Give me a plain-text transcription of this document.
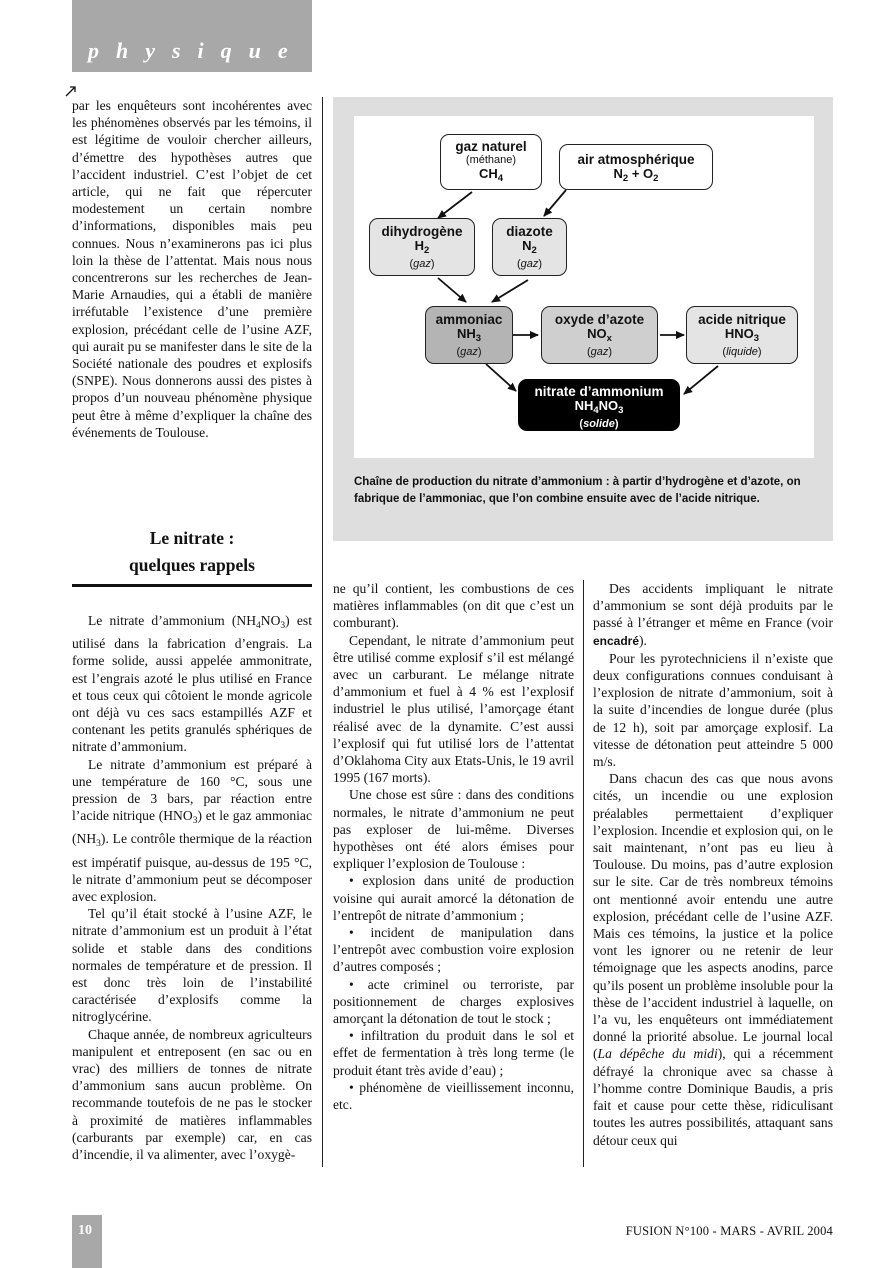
physique

par les enquêteurs sont incohérentes avec les phénomènes observés par les témoins, il est légitime de vouloir chercher ailleurs, d’émettre des hypothèses autres que l’accident industriel. C’est l’objet de cet article, qui ne fait que répercuter modestement un certain nombre d’informations, disponibles mais peu connues. Nous n’examinerons pas ici plus loin la thèse de l’attentat. Mais nous nous concentrerons sur les recherches de Jean-Marie Arnaudies, qui a établi de manière irréfutable l’existence d’une première explosion, précédant celle de l’usine AZF, qui aurait pu se manifester dans le site de la Société nationale des poudres et explosifs (SNPE). Nous donnerons aussi des pistes à propos d’un nouveau phénomène physique peut être à même d’expliquer la chaîne des événements de Toulouse.

Le nitrate :
quelques rappels

Le nitrate d’ammonium $(NH_4NO_3)$ est utilisé dans la fabrication d’engrais. La forme solide, aussi appelée ammonitrate, est l’engrais azoté le plus utilisé en France et tous ceux qui côtoient le monde agricole ont déjà vu ces sacs estampillés AZF et contenant les petits granulés sphériques de nitrate d’ammonium.

Le nitrate d’ammonium est préparé à une température de 160 °C, sous une pression de 3 bars, par réaction entre l’acide nitrique $(HNO_3)$ et le gaz ammoniac $(NH_3)$. Le contrôle thermique de la réaction est impératif puisque, au-dessus de 195 °C, le nitrate d’ammonium peut se décomposer avec explosion.

Tel qu’il était stocké à l’usine AZF, le nitrate d’ammonium est un produit à l’état solide et stable dans des conditions normales de température et de pression. Il est donc très loin de l’instabilité caractérisée d’explosifs comme la nitroglycérine.

Chaque année, de nombreux agriculteurs manipulent et entreposent (en sac ou en vrac) des milliers de tonnes de nitrate d’ammonium sans aucun problème. On recommande toutefois de ne pas le stocker à proximité de matières inflammables (carburants par exemple) car, en cas d’incendie, il va alimenter, avec l’oxygè-

gaz naturel
(méthane)
$CH_4$
air atmosphérique
$N_2 + O_2$
dihydrogène
$H_2$
(gaz)
diazote
$N_2$
(gaz)
ammoniac
$NH_3$
(gaz)
oxyde d’azote
$NO_x$
(gaz)
acide nitrique
$HNO_3$
(liquide)
nitrate d’ammonium
$NH_4NO_3$
(solide)
Chaîne de production du nitrate d’ammonium : à partir d’hydrogène et d’azote, on fabrique de l’ammoniac, que l’on combine ensuite avec de l’acide nitrique.

ne qu’il contient, les combustions de ces matières inflammables (on dit que c’est un comburant).

Cependant, le nitrate d’ammonium peut être utilisé comme explosif s’il est mélangé avec un carburant. Le mélange nitrate d’ammonium et fuel à 4 % est l’explosif industriel le plus utilisé, l’amorçage étant réalisé avec de la dynamite. C’est aussi l’explosif qui fut utilisé lors de l’attentat d’Oklahoma City aux Etats-Unis, le 19 avril 1995 (167 morts).

Une chose est sûre : dans des conditions normales, le nitrate d’ammonium ne peut pas exploser de lui-même. Diverses hypothèses ont été alors émises pour expliquer l’explosion de Toulouse :

• explosion dans unité de production voisine qui aurait amorcé la détonation de l’entrepôt de nitrate d’ammonium ;

• incident de manipulation dans l’entrepôt avec combustion voire explosion d’autres composés ;

• acte criminel ou terroriste, par positionnement de charges explosives amorçant la détonation de tout le stock ;

• infiltration du produit dans le sol et effet de fermentation à très long terme (le produit étant très avide d’eau) ;

• phénomène de vieillissement inconnu, etc.

Des accidents impliquant le nitrate d’ammonium se sont déjà produits par le passé à l’étranger et même en France (voir encadré).

Pour les pyrotechniciens il n’existe que deux configurations connues conduisant à l’explosion de nitrate d’ammonium, soit à la suite d’incendies de longue durée (plus de 12 h), soit par amorçage explosif. La vitesse de détonation peut atteindre 5 000 m/s.

Dans chacun des cas que nous avons cités, un incendie ou une explosion préalables permettaient d’expliquer l’explosion. Incendie et explosion qui, on le sait maintenant, n’ont pas eu lieu à Toulouse. Du moins, pas d’autre explosion sur le site. Car de très nombreux témoins ont mentionné avoir entendu une autre explosion, précédant celle de l’usine AZF. Mais ces témoins, la justice et la police vont les ignorer ou ne retenir de leur témoignage que les aspects anodins, parce qu’ils posent un problème insoluble pour la thèse de l’accident industriel à laquelle, on l’a vu, les enquêteurs ont immédiatement donné la priorité absolue. Le journal local (La dépêche du midi), qui a récemment défrayé la chronique avec sa chasse à l’homme contre Dominique Baudis, a pris fait et cause pour cette thèse, ridiculisant toutes les autres possibilités, attaquant sans détour ceux qui

10	FUSION N°100 - MARS - AVRIL 2004
